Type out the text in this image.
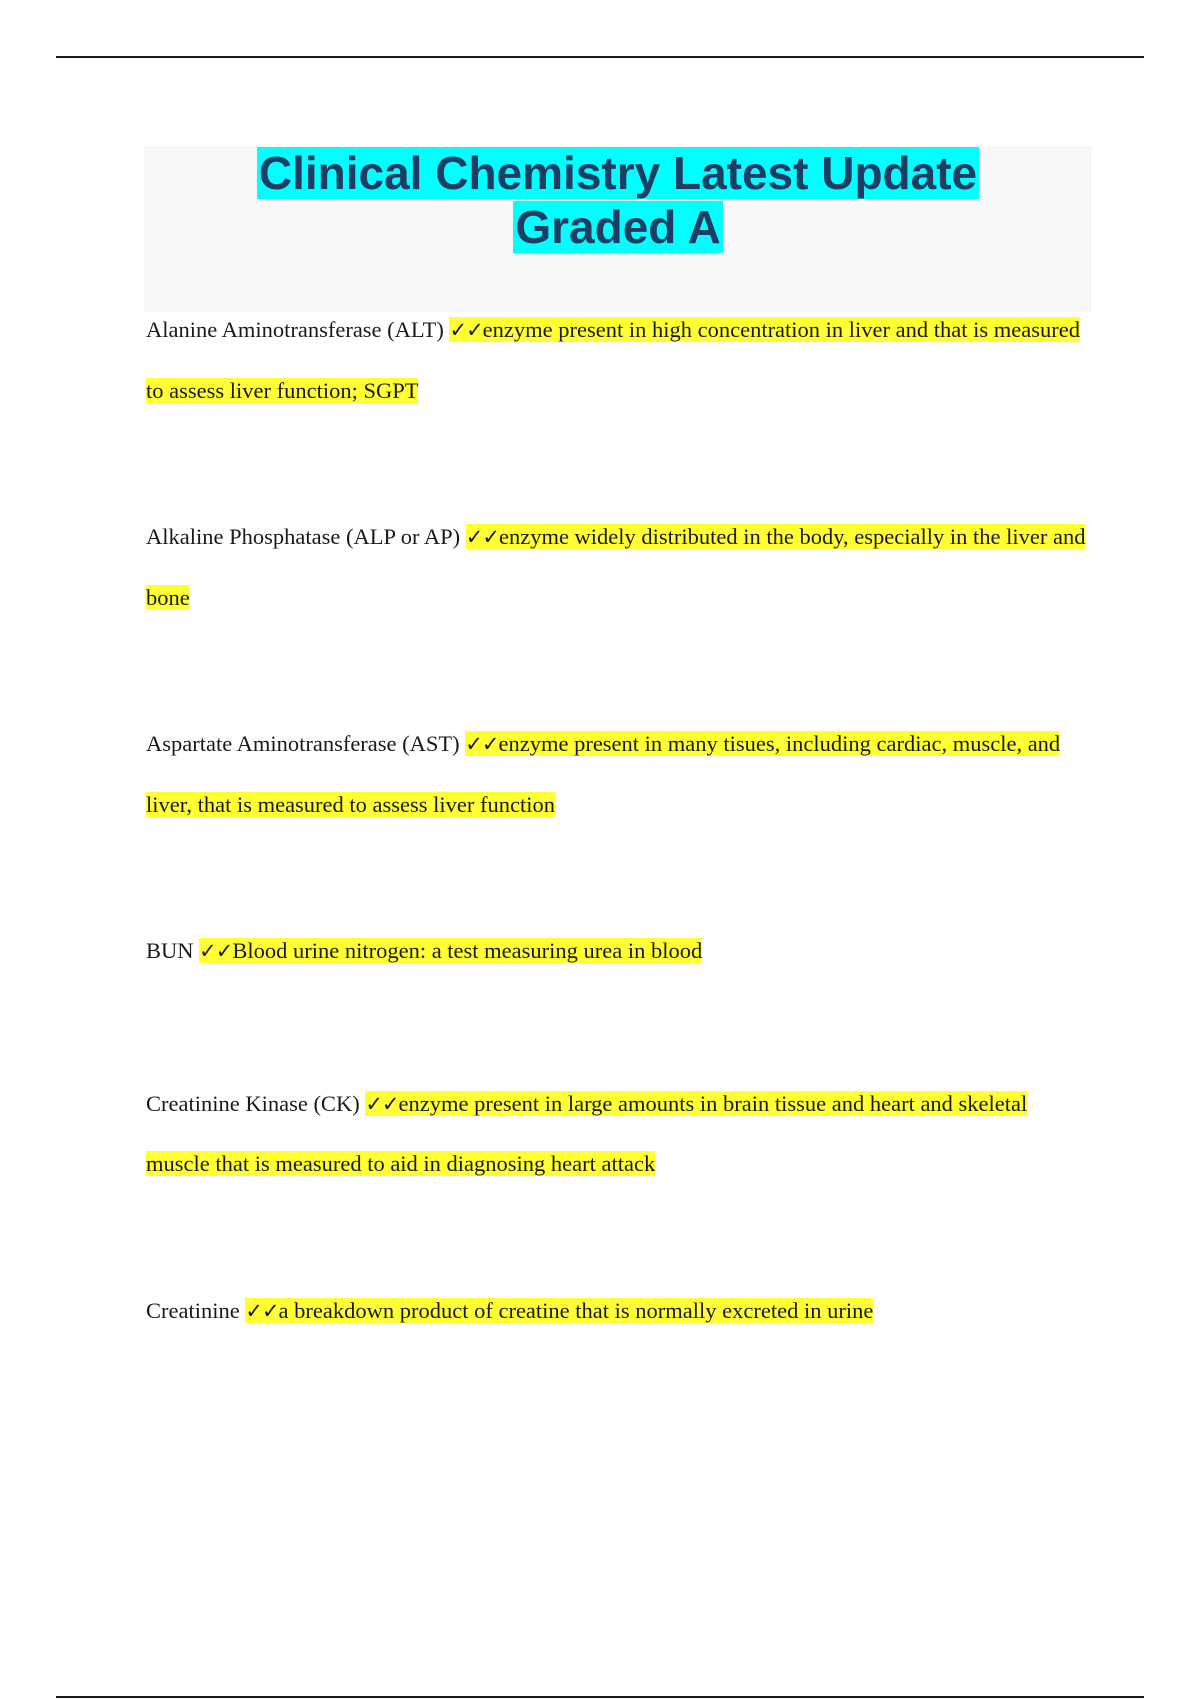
Clinical Chemistry Latest Update

Graded A

Alanine Aminotransferase (ALT) ✓✓enzyme present in high concentration in liver and that is measured to assess liver function; SGPT

Alkaline Phosphatase (ALP or AP) ✓✓enzyme widely distributed in the body, especially in the liver and bone

Aspartate Aminotransferase (AST) ✓✓enzyme present in many tisues, including cardiac, muscle, and liver, that is measured to assess liver function

BUN ✓✓Blood urine nitrogen: a test measuring urea in blood

Creatinine Kinase (CK) ✓✓enzyme present in large amounts in brain tissue and heart and skeletal muscle that is measured to aid in diagnosing heart attack

Creatinine ✓✓a breakdown product of creatine that is normally excreted in urine
